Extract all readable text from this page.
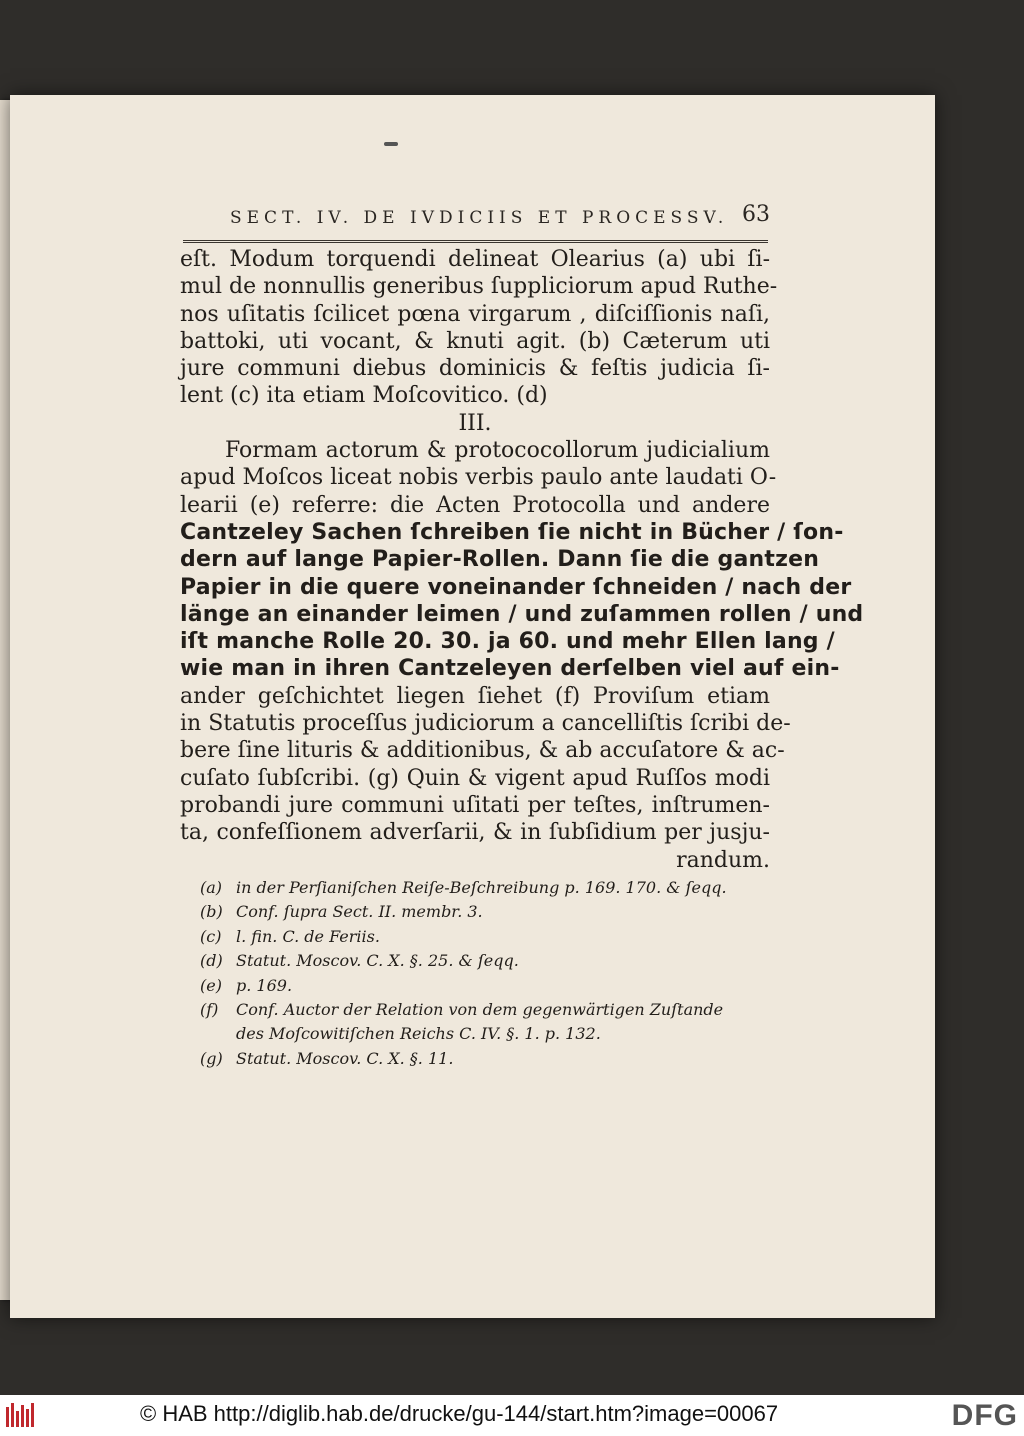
SECT. IV. DE IVDICIIS ET PROCESSV. 63
eſt. Modum torquendi delineat Olearius (a) ubi ſi-
mul de nonnullis generibus ſuppliciorum apud Ruthe-
nos uſitatis ſcilicet pœna virgarum , diſciſſionis naſi,
battoki, uti vocant, & knuti agit. (b) Cæterum uti
jure communi diebus dominicis & feſtis judicia ſi-
lent (c) ita etiam Moſcovitico. (d)
III.
Formam actorum & protococollorum judicialium
apud Moſcos liceat nobis verbis paulo ante laudati O-
learii (e) referre: die Acten Protocolla und andere
Cantzeley Sachen ſchreiben ſie nicht in Bücher / ſon-
dern auf lange Papier-Rollen. Dann ſie die gantzen
Papier in die quere voneinander ſchneiden / nach der
länge an einander leimen / und zuſammen rollen / und
iſt manche Rolle 20. 30. ja 60. und mehr Ellen lang /
wie man in ihren Cantzeleyen derſelben viel auf ein-
ander geſchichtet liegen ſiehet (f) Proviſum etiam
in Statutis proceſſus judiciorum a cancelliſtis ſcribi de-
bere ſine lituris & additionibus, & ab accuſatore & ac-
cuſato ſubſcribi. (g) Quin & vigent apud Ruſſos modi
probandi jure communi uſitati per teſtes, inſtrumen-
ta, confeſſionem adverſarii, & in ſubſidium per jusju-
randum.
(a) in der Perſianiſchen Reiſe-Beſchreibung p. 169. 170. & ſeqq.
(b) Conf. ſupra Sect. II. membr. 3.
(c) l. fin. C. de Feriis.
(d) Statut. Moscov. C. X. §. 25. & ſeqq.
(e) p. 169.
(f) Conf. Auctor der Relation von dem gegenwärtigen Zuſtande
des Moſcowitiſchen Reichs C. IV. §. 1. p. 132.
(g) Statut. Moscov. C. X. §. 11.
© HAB http://diglib.hab.de/drucke/gu-144/start.htm?image=00067	DFG
